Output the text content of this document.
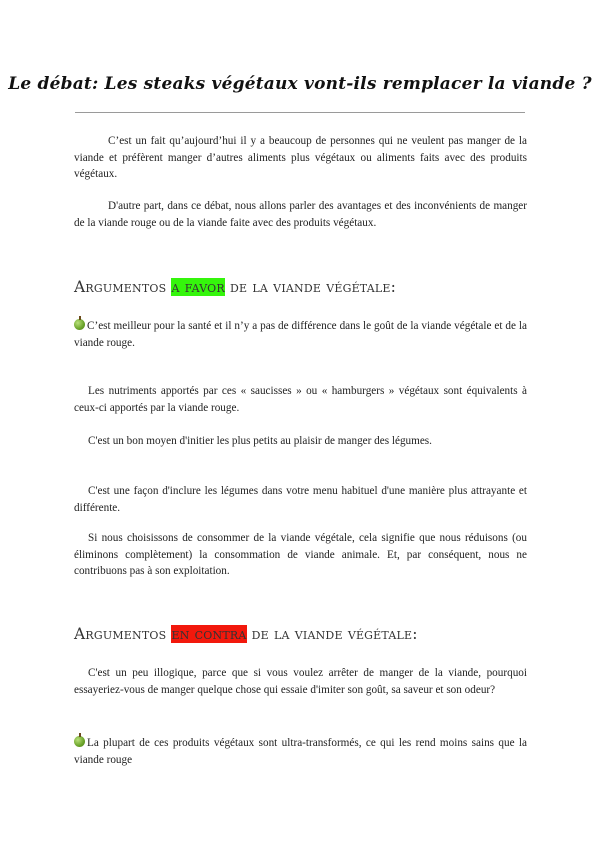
Le débat: Les steaks végétaux vont-ils remplacer la viande ?
C’est un fait qu’aujourd’hui il y a beaucoup de personnes qui ne veulent pas manger de la viande et préfèrent manger d’autres aliments plus végétaux ou aliments faits avec des produits végétaux.
D'autre part, dans ce débat, nous allons parler des avantages et des inconvénients de manger de la viande rouge ou de la viande faite avec des produits végétaux.
Argumentos a favor de la viande végétale:
C’est meilleur pour la santé et il n’y a pas de différence dans le goût de la viande végétale et de la viande rouge.
Les nutriments apportés par ces « saucisses » ou « hamburgers » végétaux sont équivalents à ceux-ci apportés par la viande rouge.
C'est un bon moyen d'initier les plus petits au plaisir de manger des légumes.
C'est une façon d'inclure les légumes dans votre menu habituel d'une manière plus attrayante et différente.
Si nous choisissons de consommer de la viande végétale, cela signifie que nous réduisons (ou éliminons complètement) la consommation de viande animale. Et, par conséquent, nous ne contribuons pas à son exploitation.
Argumentos en contra de la viande végétale:
C'est un peu illogique, parce que si vous voulez arrêter de manger de la viande, pourquoi essayeriez-vous de manger quelque chose qui essaie d'imiter son goût, sa saveur et son odeur?
La plupart de ces produits végétaux sont ultra-transformés, ce qui les rend moins sains que la viande rouge
